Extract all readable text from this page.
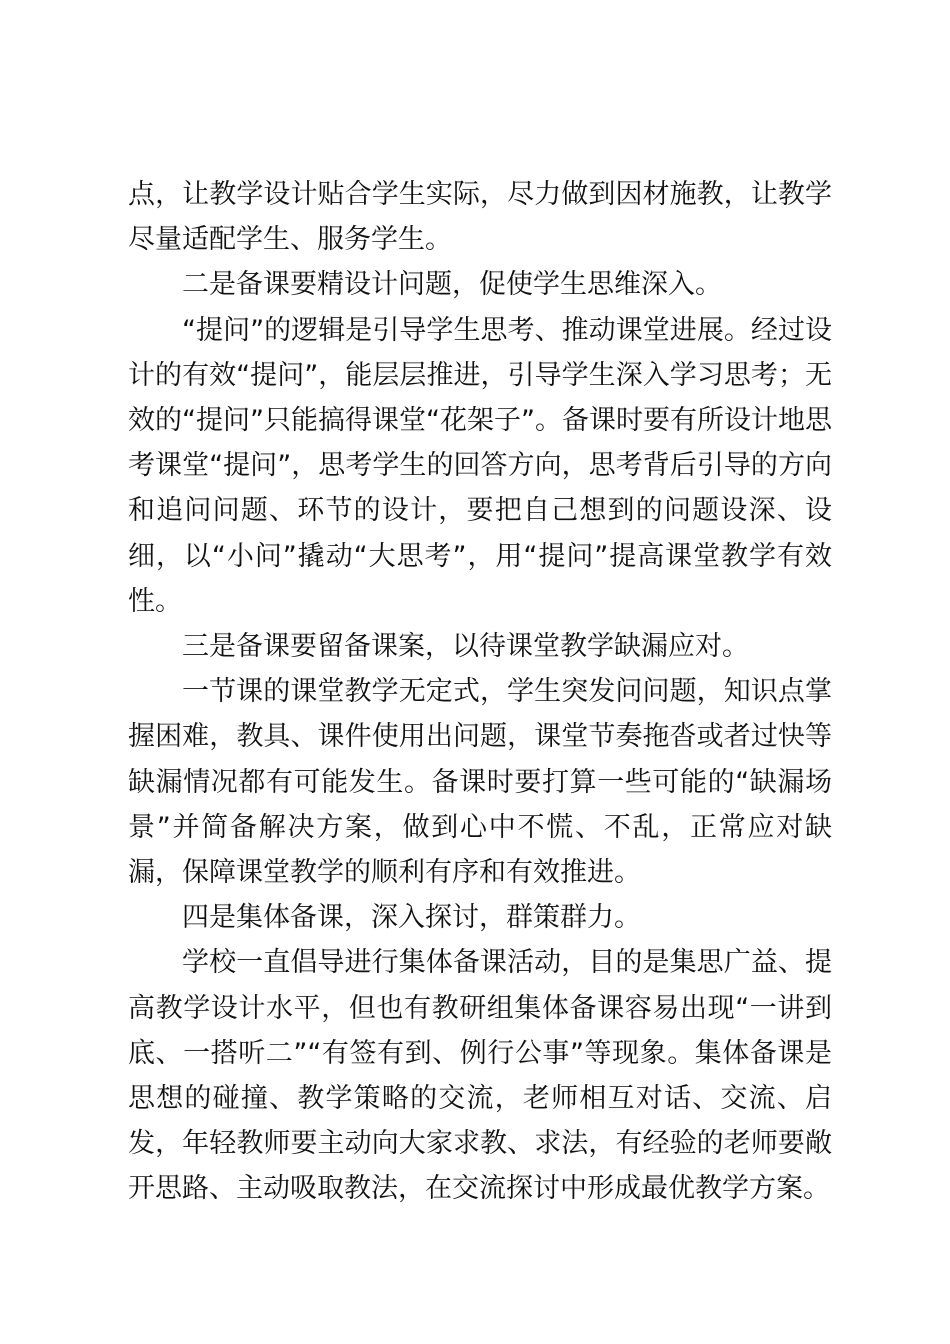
点，让教学设计贴合学生实际，尽力做到因材施教，让教学尽量适配学生、服务学生。

二是备课要精设计问题，促使学生思维深入。

“提问”的逻辑是引导学生思考、推动课堂进展。经过设计的有效“提问”，能层层推进，引导学生深入学习思考；无效的“提问”只能搞得课堂“花架子”。备课时要有所设计地思考课堂“提问”，思考学生的回答方向，思考背后引导的方向和追问问题、环节的设计，要把自己想到的问题设深、设细，以“小问”撬动“大思考”，用“提问”提高课堂教学有效性。

三是备课要留备课案，以待课堂教学缺漏应对。

一节课的课堂教学无定式，学生突发问问题，知识点掌握困难，教具、课件使用出问题，课堂节奏拖沓或者过快等缺漏情况都有可能发生。备课时要打算一些可能的“缺漏场景”并简备解决方案，做到心中不慌、不乱，正常应对缺漏，保障课堂教学的顺利有序和有效推进。

四是集体备课，深入探讨，群策群力。

学校一直倡导进行集体备课活动，目的是集思广益、提高教学设计水平，但也有教研组集体备课容易出现“一讲到底、一搭听二”“有签有到、例行公事”等现象。集体备课是思想的碰撞、教学策略的交流，老师相互对话、交流、启发，年轻教师要主动向大家求教、求法，有经验的老师要敞开思路、主动吸取教法，在交流探讨中形成最优教学方案。
